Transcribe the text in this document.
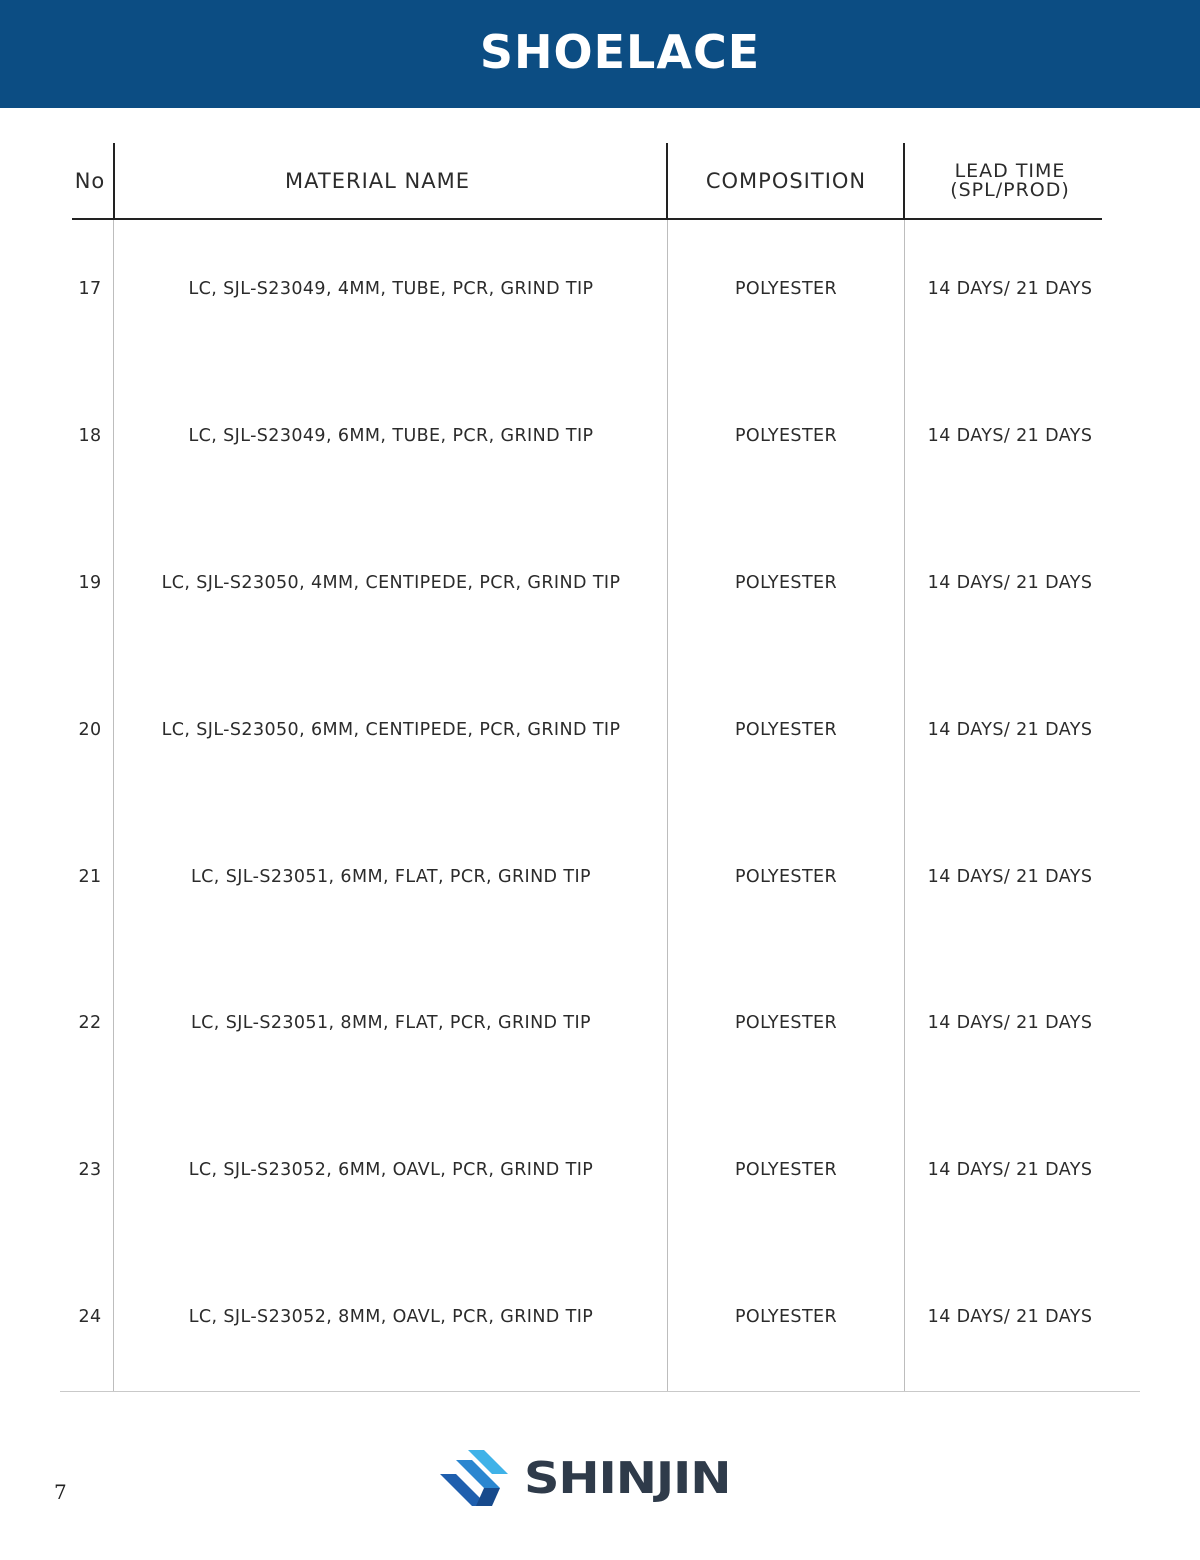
SHOELACE
No	MATERIAL NAME	COMPOSITION	LEAD TIME
(SPL/PROD)
17	LC, SJL-S23049, 4MM, TUBE, PCR, GRIND TIP	POLYESTER	14 DAYS/ 21 DAYS
18	LC, SJL-S23049, 6MM, TUBE, PCR, GRIND TIP	POLYESTER	14 DAYS/ 21 DAYS
19	LC, SJL-S23050, 4MM, CENTIPEDE, PCR, GRIND TIP	POLYESTER	14 DAYS/ 21 DAYS
20	LC, SJL-S23050, 6MM, CENTIPEDE, PCR, GRIND TIP	POLYESTER	14 DAYS/ 21 DAYS
21	LC, SJL-S23051, 6MM, FLAT, PCR, GRIND TIP	POLYESTER	14 DAYS/ 21 DAYS
22	LC, SJL-S23051, 8MM, FLAT, PCR, GRIND TIP	POLYESTER	14 DAYS/ 21 DAYS
23	LC, SJL-S23052, 6MM, OAVL, PCR, GRIND TIP	POLYESTER	14 DAYS/ 21 DAYS
24	LC, SJL-S23052, 8MM, OAVL, PCR, GRIND TIP	POLYESTER	14 DAYS/ 21 DAYS
7	SHINJIN
